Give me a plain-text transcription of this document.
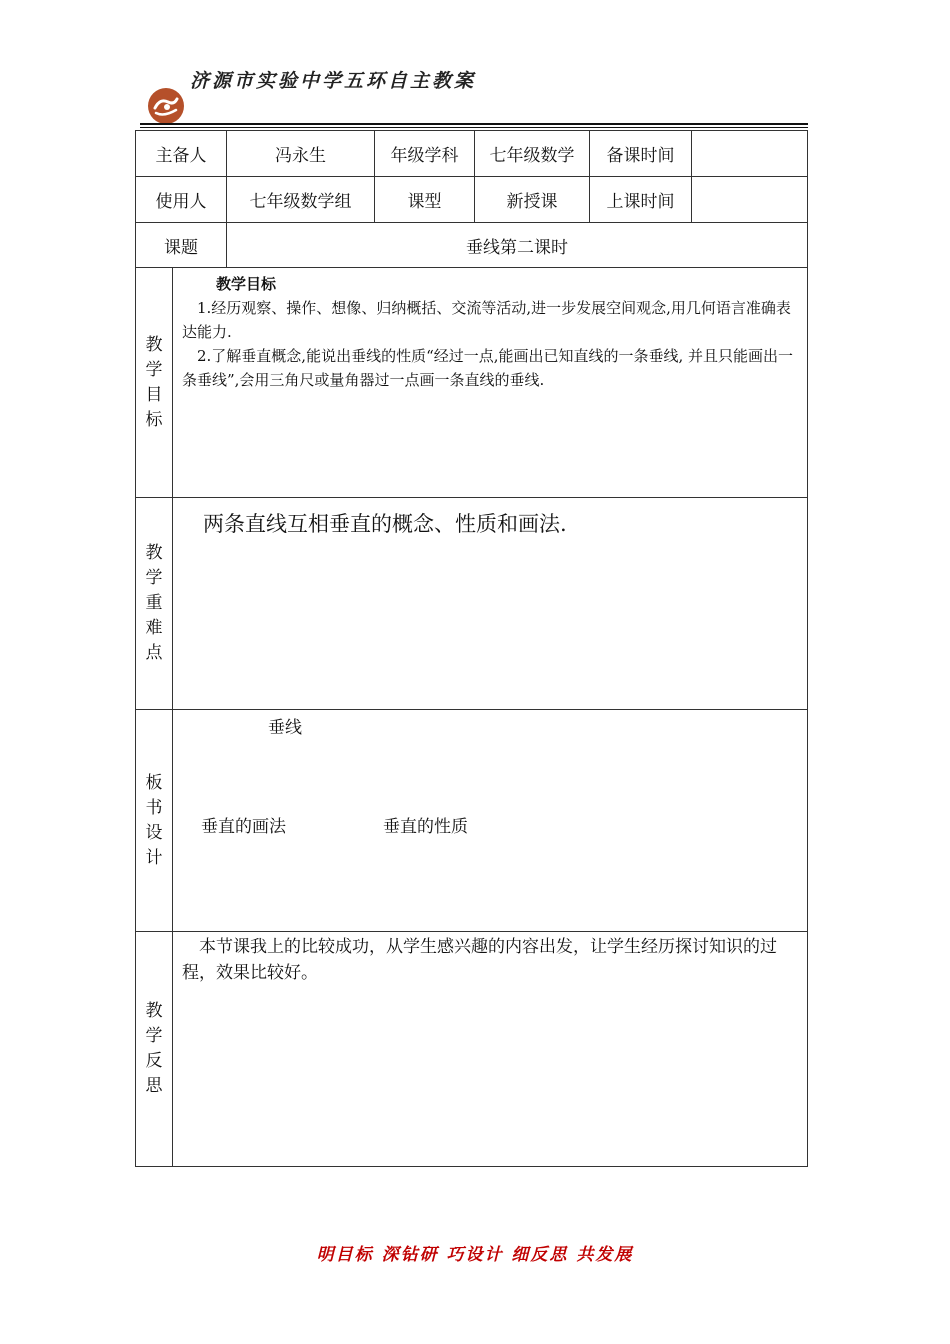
济源市实验中学五环自主教案
主备人		冯永生	年级学科	七年级数学	备课时间	
使用人		七年级数学组	课型	新授课	上课时间	
课题		垂线第二课时				

教学目标	教学目标

1.经历观察、操作、想像、归纳概括、交流等活动,进一步发展空间观念,用几何语言准确表达能力.

2.了解垂直概念,能说出垂线的性质“经过一点,能画出已知直线的一条垂线, 并且只能画出一条垂线”,会用三角尺或量角器过一点画一条直线的垂线.					

教学重难点	两条直线互相垂直的概念、性质和画法.					

板书设计	垂线
垂直的画法 垂直的性质					

教学反思	本节课我上的比较成功，从学生感兴趣的内容出发，让学生经历探讨知识的过程，效果比较好。					

明目标 深钻研 巧设计 细反思 共发展
